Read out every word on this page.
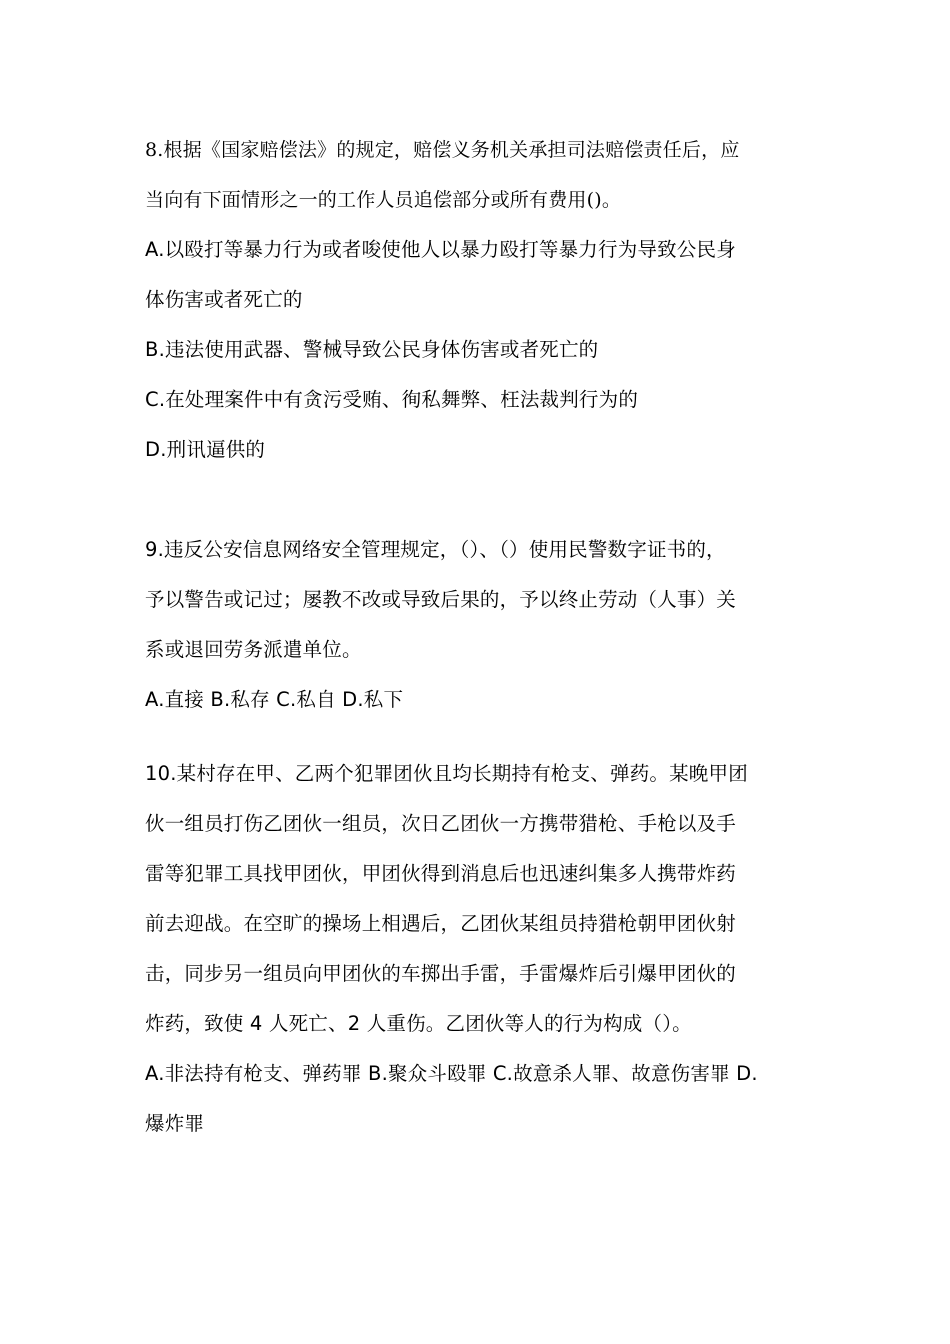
8.根据《国家赔偿法》的规定，赔偿义务机关承担司法赔偿责任后，应
当向有下面情形之一的工作人员追偿部分或所有费用()。
A.以殴打等暴力行为或者唆使他人以暴力殴打等暴力行为导致公民身
体伤害或者死亡的
B.违法使用武器、警械导致公民身体伤害或者死亡的
C.在处理案件中有贪污受贿、徇私舞弊、枉法裁判行为的
D.刑讯逼供的
9.违反公安信息网络安全管理规定，（）、（）使用民警数字证书的，
予以警告或记过；屡教不改或导致后果的，予以终止劳动（人事）关
系或退回劳务派遣单位。
A.直接 B.私存 C.私自 D.私下
10.某村存在甲、乙两个犯罪团伙且均长期持有枪支、弹药。某晚甲团
伙一组员打伤乙团伙一组员，次日乙团伙一方携带猎枪、手枪以及手
雷等犯罪工具找甲团伙，甲团伙得到消息后也迅速纠集多人携带炸药
前去迎战。在空旷的操场上相遇后，乙团伙某组员持猎枪朝甲团伙射
击，同步另一组员向甲团伙的车掷出手雷，手雷爆炸后引爆甲团伙的
炸药，致使 4 人死亡、2 人重伤。乙团伙等人的行为构成（）。
A.非法持有枪支、弹药罪 B.聚众斗殴罪 C.故意杀人罪、故意伤害罪 D.
爆炸罪
